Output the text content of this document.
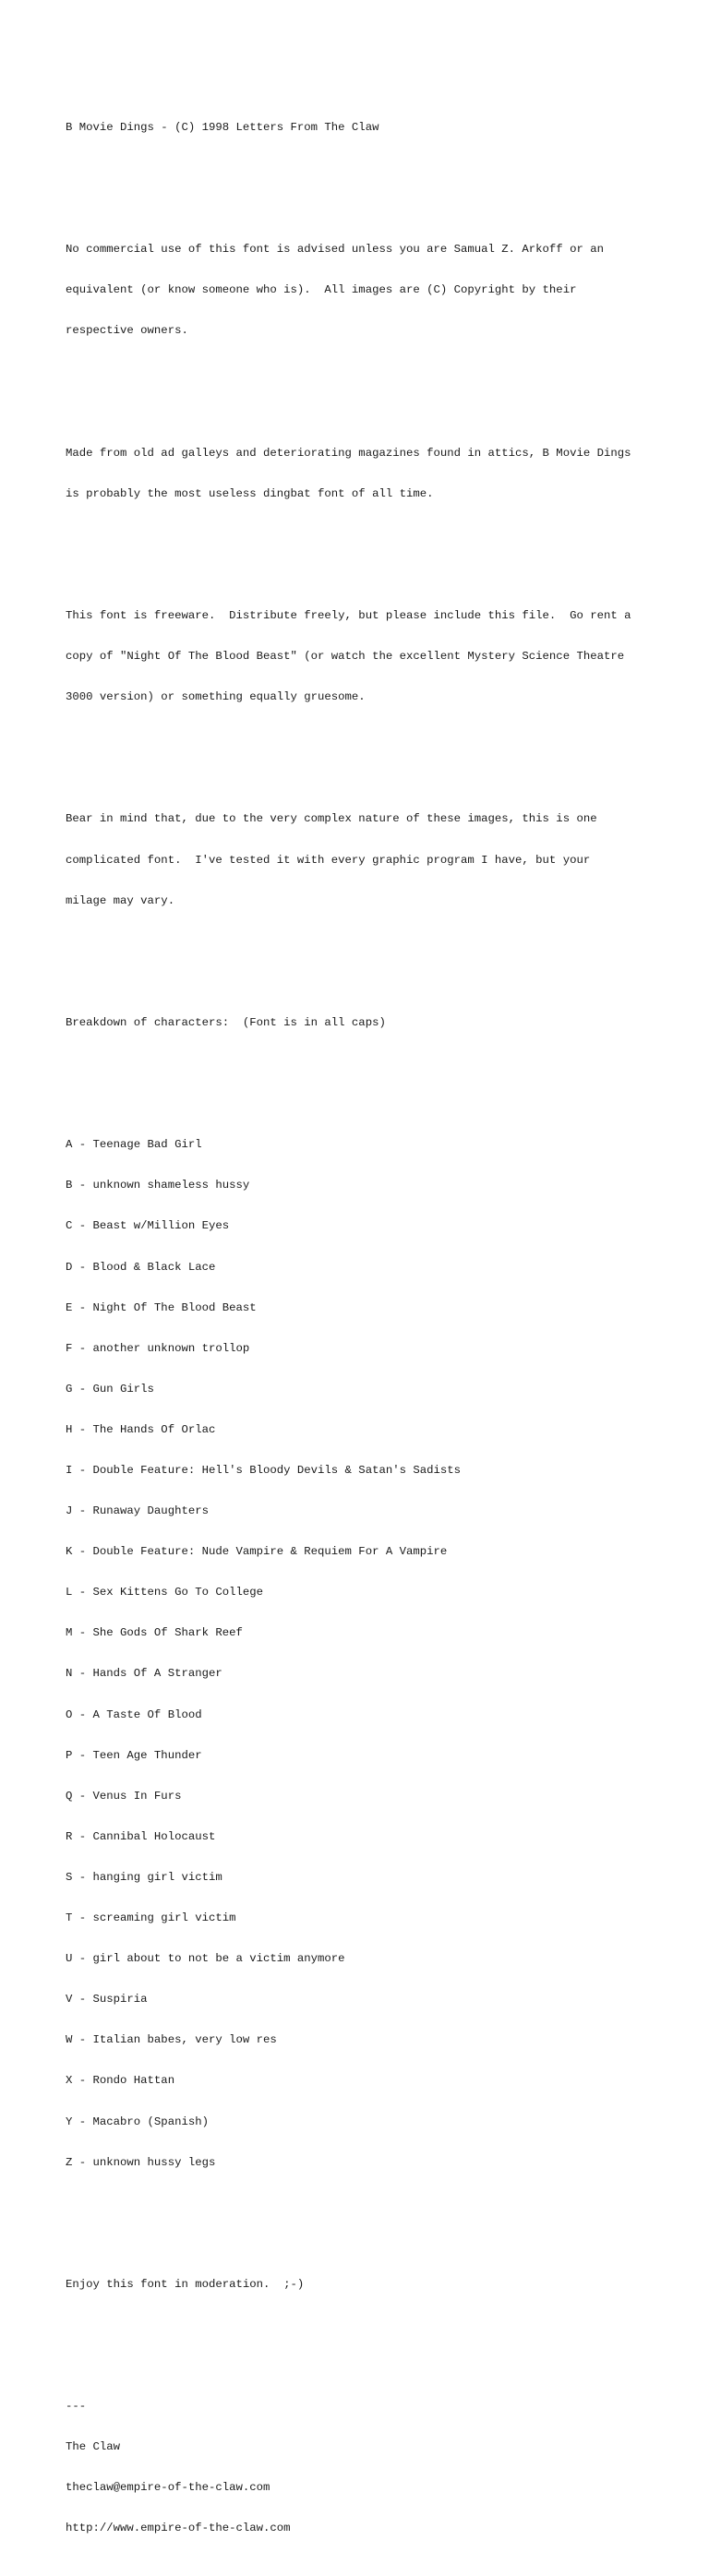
B Movie Dings - (C) 1998 Letters From The Claw

No commercial use of this font is advised unless you are Samual Z. Arkoff or an

equivalent (or know someone who is).  All images are (C) Copyright by their

respective owners.

Made from old ad galleys and deteriorating magazines found in attics, B Movie Dings

is probably the most useless dingbat font of all time.

This font is freeware.  Distribute freely, but please include this file.  Go rent a

copy of "Night Of The Blood Beast" (or watch the excellent Mystery Science Theatre

3000 version) or something equally gruesome.

Bear in mind that, due to the very complex nature of these images, this is one

complicated font.  I've tested it with every graphic program I have, but your

milage may vary.

Breakdown of characters:  (Font is in all caps)

A - Teenage Bad Girl

B - unknown shameless hussy

C - Beast w/Million Eyes

D - Blood & Black Lace

E - Night Of The Blood Beast

F - another unknown trollop

G - Gun Girls

H - The Hands Of Orlac

I - Double Feature: Hell's Bloody Devils & Satan's Sadists

J - Runaway Daughters

K - Double Feature: Nude Vampire & Requiem For A Vampire

L - Sex Kittens Go To College

M - She Gods Of Shark Reef

N - Hands Of A Stranger

O - A Taste Of Blood

P - Teen Age Thunder

Q - Venus In Furs

R - Cannibal Holocaust

S - hanging girl victim

T - screaming girl victim

U - girl about to not be a victim anymore

V - Suspiria

W - Italian babes, very low res

X - Rondo Hattan

Y - Macabro (Spanish)

Z - unknown hussy legs

Enjoy this font in moderation.  ;-)

---

The Claw

theclaw@empire-of-the-claw.com

http://www.empire-of-the-claw.com
